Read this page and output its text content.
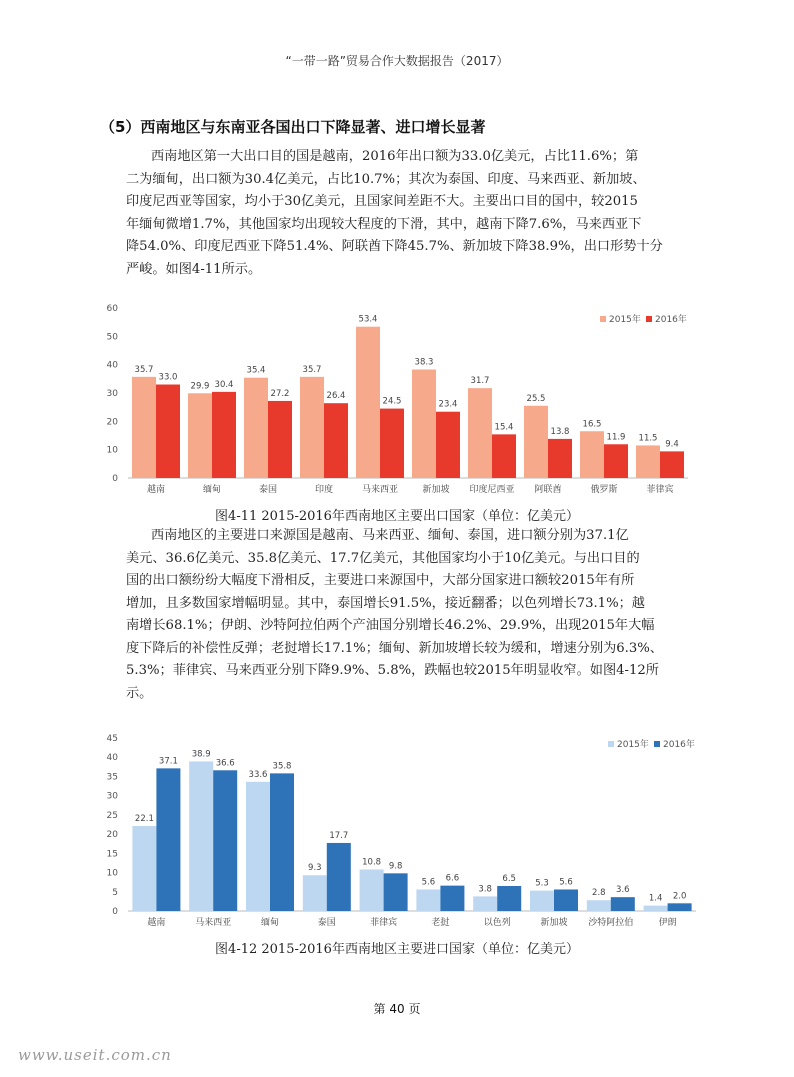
“一带一路”贸易合作大数据报告（2017）
（5）西南地区与东南亚各国出口下降显著、进口增长显著
西南地区第一大出口目的国是越南，2016年出口额为33.0亿美元，占比11.6%；第
二为缅甸，出口额为30.4亿美元，占比10.7%；其次为泰国、印度、马来西亚、新加坡、
印度尼西亚等国家，均小于30亿美元，且国家间差距不大。主要出口目的国中，较2015
年缅甸微增1.7%，其他国家均出现较大程度的下滑，其中，越南下降7.6%，马来西亚下
降54.0%、印度尼西亚下降51.4%、阿联酋下降45.7%、新加坡下降38.9%，出口形势十分
严峻。如图4-11所示。
0
10
20
30
40
50
60
35.7
33.0
越南
29.9 30.4
缅甸
35.4
27.2
泰国
35.7
26.4
印度
53.4
24.5
马来西亚
38.3
23.4
新加坡
31.7
15.4
印度尼西亚
25.5
13.8
阿联酋
16.5
11.9
俄罗斯
11.5
9.4
菲律宾
2015年 2016年
图4-11 2015-2016年西南地区主要出口国家（单位：亿美元）
西南地区的主要进口来源国是越南、马来西亚、缅甸、泰国，进口额分别为37.1亿
美元、36.6亿美元、35.8亿美元、17.7亿美元，其他国家均小于10亿美元。与出口目的
国的出口额纷纷大幅度下滑相反，主要进口来源国中，大部分国家进口额较2015年有所
增加，且多数国家增幅明显。其中，泰国增长91.5%，接近翻番；以色列增长73.1%；越
南增长68.1%；伊朗、沙特阿拉伯两个产油国分别增长46.2%、29.9%，出现2015年大幅
度下降后的补偿性反弹；老挝增长17.1%；缅甸、新加坡增长较为缓和，增速分别为6.3%、
5.3%；菲律宾、马来西亚分别下降9.9%、5.8%，跌幅也较2015年明显收窄。如图4-12所
示。
0
5
10
15
20
25
30
35
40
45
22.1
37.1
越南
38.9
36.6
马来西亚
33.6
35.8
缅甸
9.3
17.7
泰国
10.8 9.8
菲律宾
5.6 6.6
老挝
3.8
6.5
以色列
5.3 5.6
新加坡
2.8 3.6
沙特阿拉伯
1.4 2.0
伊朗
2015年 2016年
图4-12 2015-2016年西南地区主要进口国家（单位：亿美元）
第 40 页
www.useit.com.cn
